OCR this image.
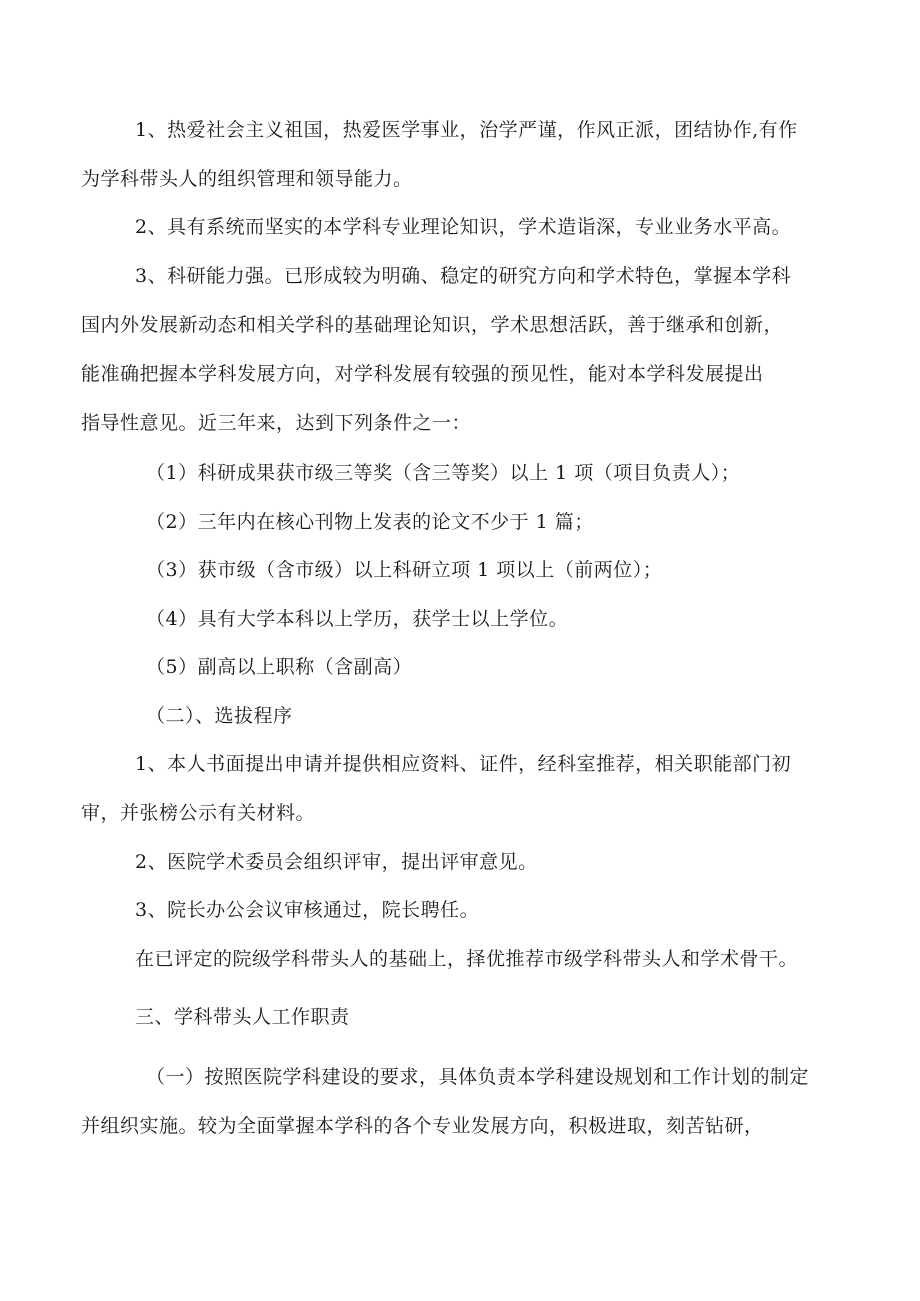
1、热爱社会主义祖国，热爱医学事业，治学严谨，作风正派，团结协作,有作
为学科带头人的组织管理和领导能力。
2、具有系统而坚实的本学科专业理论知识，学术造诣深，专业业务水平高。
3、科研能力强。已形成较为明确、稳定的研究方向和学术特色，掌握本学科
国内外发展新动态和相关学科的基础理论知识，学术思想活跃，善于继承和创新，
能准确把握本学科发展方向，对学科发展有较强的预见性，能对本学科发展提出
指导性意见。近三年来，达到下列条件之一：
（1）科研成果获市级三等奖（含三等奖）以上 1 项（项目负责人）；
（2）三年内在核心刊物上发表的论文不少于 1 篇；
（3）获市级（含市级）以上科研立项 1 项以上（前两位）；
（4）具有大学本科以上学历，获学士以上学位。
（5）副高以上职称（含副高）
（二）、选拔程序
1、本人书面提出申请并提供相应资料、证件，经科室推荐，相关职能部门初
审，并张榜公示有关材料。
2、医院学术委员会组织评审，提出评审意见。
3、院长办公会议审核通过，院长聘任。
在已评定的院级学科带头人的基础上，择优推荐市级学科带头人和学术骨干。
三、学科带头人工作职责
（一）按照医院学科建设的要求，具体负责本学科建设规划和工作计划的制定
并组织实施。较为全面掌握本学科的各个专业发展方向，积极进取，刻苦钻研，
